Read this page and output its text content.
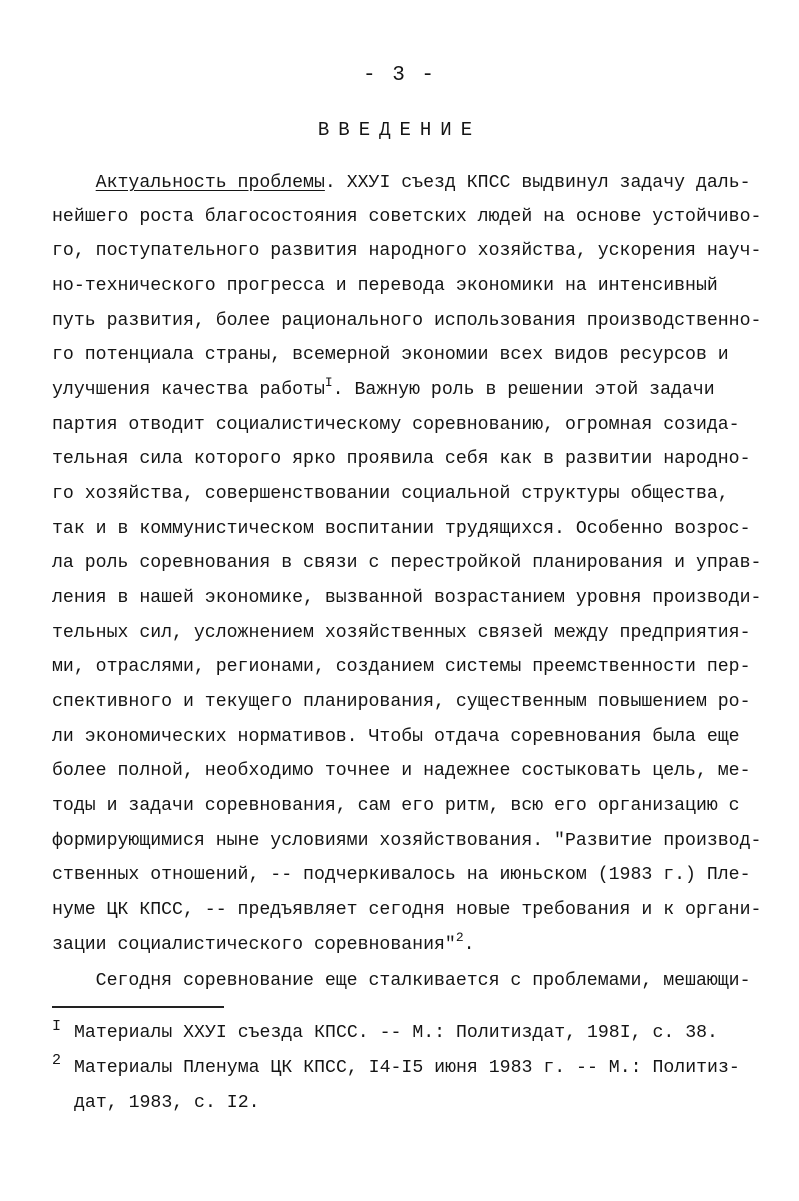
- 3 -
ВВЕДЕНИЕ
Актуальность проблемы. XXУI съезд КПСС выдвинул задачу даль-
нейшего роста благосостояния советских людей на основе устойчиво-
го, поступательного развития народного хозяйства, ускорения науч-
но-технического прогресса и перевода экономики на интенсивный
путь развития, более рационального использования производственно-
го потенциала страны, всемерной экономии всех видов ресурсов и
улучшения качества работы$^I$. Важную роль в решении этой задачи
партия отводит социалистическому соревнованию, огромная созида-
тельная сила которого ярко проявила себя как в развитии народно-
го хозяйства, совершенствовании социальной структуры общества,
так и в коммунистическом воспитании трудящихся. Особенно возрос-
ла роль соревнования в связи с перестройкой планирования и управ-
ления в нашей экономике, вызванной возрастанием уровня производи-
тельных сил, усложнением хозяйственных связей между предприятия-
ми, отраслями, регионами, созданием системы преемственности пер-
спективного и текущего планирования, существенным повышением ро-
ли экономических нормативов. Чтобы отдача соревнования была еще
более полной, необходимо точнее и надежнее состыковать цель, ме-
тоды и задачи соревнования, сам его ритм, всю его организацию с
формирующимися ныне условиями хозяйствования. "Развитие производ-
ственных отношений, -- подчеркивалось на июньском (1983 г.) Пле-
нуме ЦК КПСС, -- предъявляет сегодня новые требования и к органи-
зации социалистического соревнования"$^2$.
Сегодня соревнование еще сталкивается с проблемами, мешающи-
I Материалы XXУI съезда КПСС. -- М.: Политиздат, 198I, с. 38.
2 Материалы Пленума ЦК КПСС, I4-I5 июня 1983 г. -- М.: Политиз-
дат, 1983, с. I2.
